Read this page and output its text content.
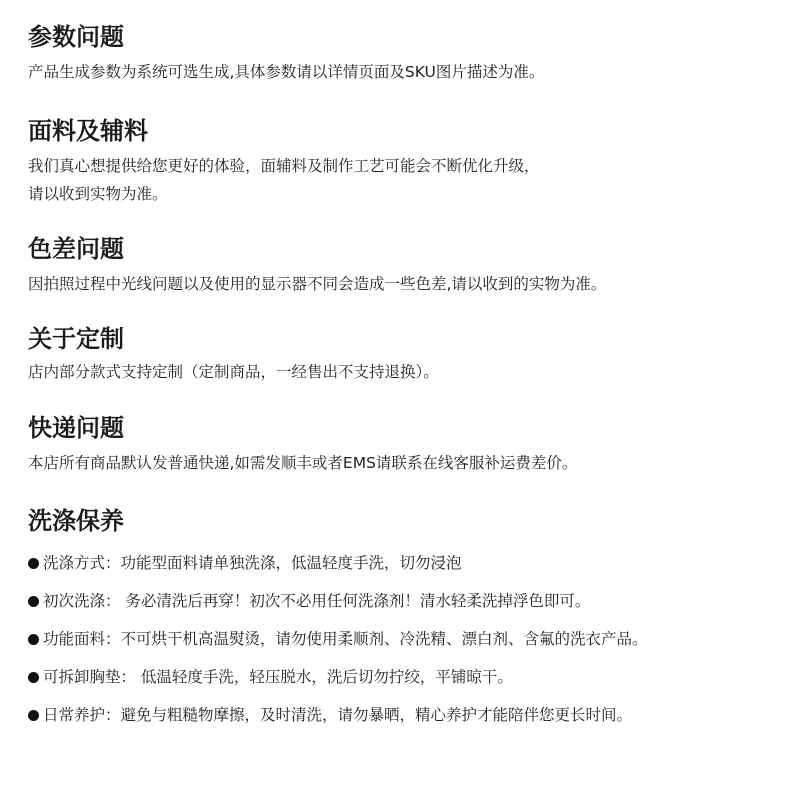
参数问题

产品生成参数为系统可选生成,具体参数请以详情页面及SKU图片描述为准。

面料及辅料

我们真心想提供给您更好的体验，面辅料及制作工艺可能会不断优化升级，

请以收到实物为准。

色差问题

因拍照过程中光线问题以及使用的显示器不同会造成一些色差,请以收到的实物为准。

关于定制

店内部分款式支持定制（定制商品，一经售出不支持退换）。

快递问题

本店所有商品默认发普通快递,如需发顺丰或者EMS请联系在线客服补运费差价。

洗涤保养
洗涤方式：功能型面料请单独洗涤，低温轻度手洗，切勿浸泡
初次洗涤： 务必清洗后再穿！初次不必用任何洗涤剂！清水轻柔洗掉浮色即可。
功能面料：不可烘干机高温熨烫，请勿使用柔顺剂、冷洗精、漂白剂、含氟的洗衣产品。
可拆卸胸垫： 低温轻度手洗，轻压脱水，洗后切勿拧绞，平铺晾干。
日常养护：避免与粗糙物摩擦，及时清洗，请勿暴晒，精心养护才能陪伴您更长时间。
